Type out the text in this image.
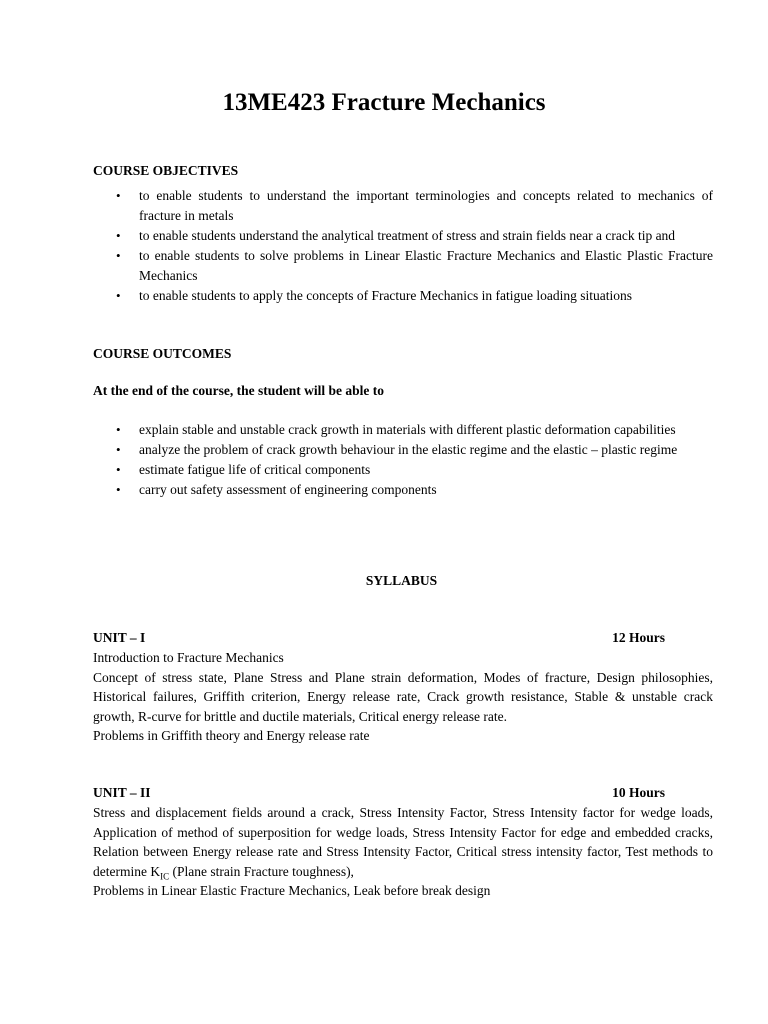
13ME423 Fracture Mechanics
COURSE OBJECTIVES
•	to enable students to understand the important terminologies and concepts related to mechanics of fracture in metals
•	to enable students understand the analytical treatment of stress and strain fields near a crack tip and
•	to enable students to solve problems in Linear Elastic Fracture Mechanics and Elastic Plastic Fracture Mechanics
•	to enable students to apply the concepts of Fracture Mechanics in fatigue loading situations
COURSE OUTCOMES
At the end of the course, the student will be able to
•	explain stable and unstable crack growth in materials with different plastic deformation capabilities
•	analyze the problem of crack growth behaviour in the elastic regime and the elastic – plastic regime
•	estimate fatigue life of critical components
•	carry out safety assessment of engineering components
SYLLABUS
UNIT – I	12 Hours

Introduction to Fracture Mechanics

Concept of stress state, Plane Stress and Plane strain deformation, Modes of fracture, Design philosophies, Historical failures, Griffith criterion, Energy release rate, Crack growth resistance, Stable & unstable crack growth, R-curve for brittle and ductile materials, Critical energy release rate.

Problems in Griffith theory and Energy release rate

UNIT – II	10 Hours

Stress and displacement fields around a crack, Stress Intensity Factor, Stress Intensity factor for wedge loads, Application of method of superposition for wedge loads, Stress Intensity Factor for edge and embedded cracks, Relation between Energy release rate and Stress Intensity Factor, Critical stress intensity factor, Test methods to determine $K_{IC}$ (Plane strain Fracture toughness),

Problems in Linear Elastic Fracture Mechanics, Leak before break design
